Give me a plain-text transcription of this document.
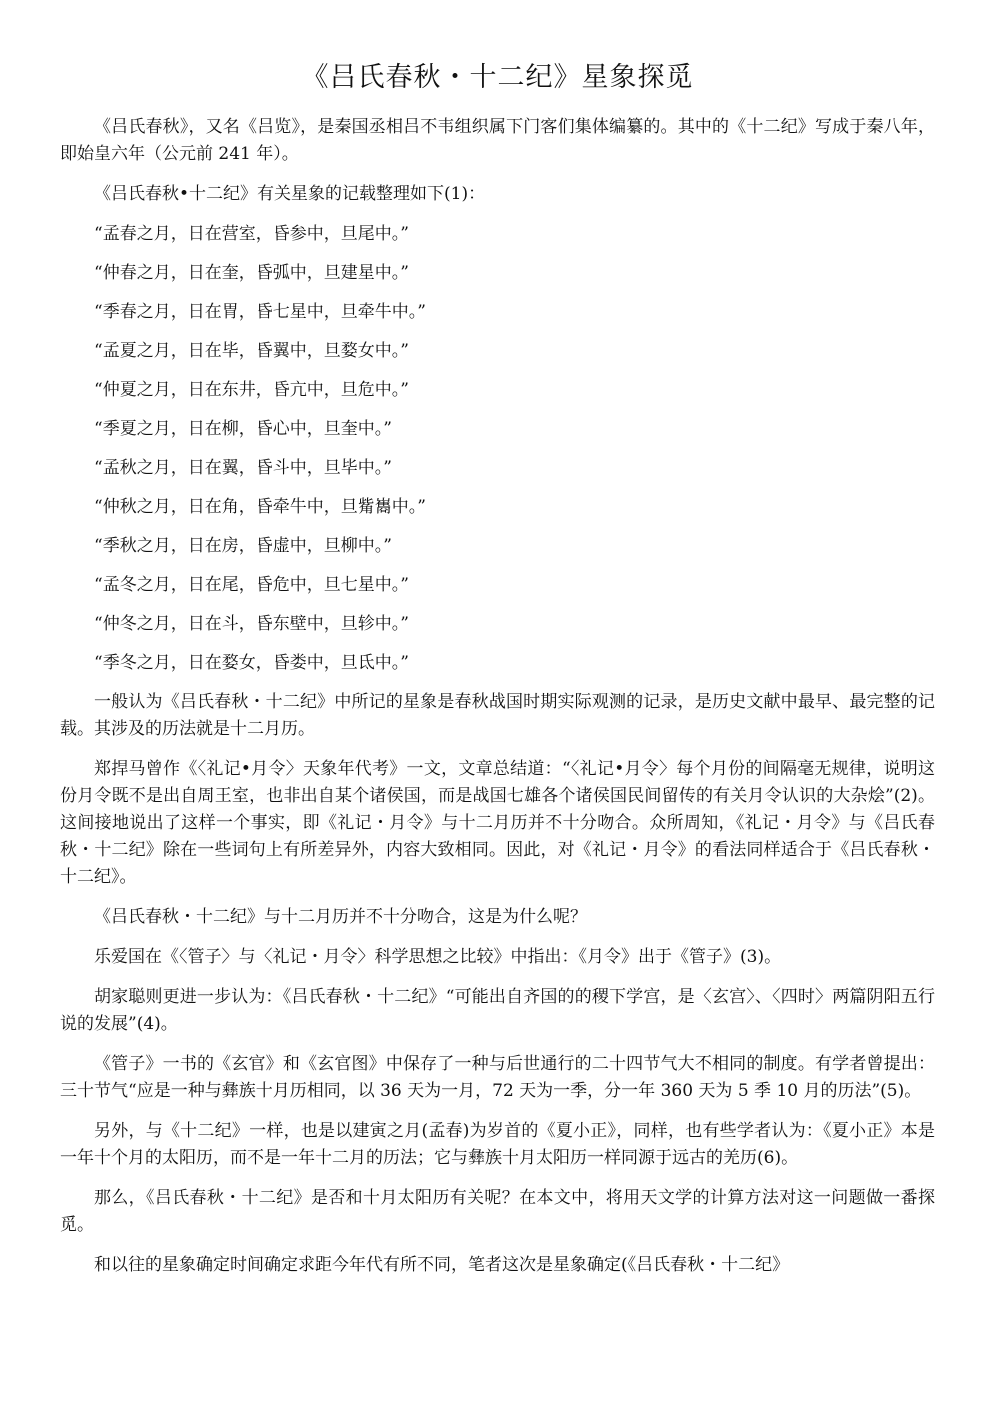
《吕氏春秋・十二纪》星象探觅

《吕氏春秋》，又名《吕览》，是秦国丞相吕不韦组织属下门客们集体编纂的。其中的《十二纪》写成于秦八年，即始皇六年（公元前 241 年）。

《吕氏春秋•十二纪》有关星象的记载整理如下(1)：

“孟春之月，日在营室，昏参中，旦尾中。”

“仲春之月，日在奎，昏弧中，旦建星中。”

“季春之月，日在胃，昏七星中，旦牵牛中。”

“孟夏之月，日在毕，昏翼中，旦婺女中。”

“仲夏之月，日在东井，昏亢中，旦危中。”

“季夏之月，日在柳，昏心中，旦奎中。”

“孟秋之月，日在翼，昏斗中，旦毕中。”

“仲秋之月，日在角，昏牵牛中，旦觜巂中。”

“季秋之月，日在房，昏虚中，旦柳中。”

“孟冬之月，日在尾，昏危中，旦七星中。”

“仲冬之月，日在斗，昏东壁中，旦轸中。”

“季冬之月，日在婺女，昏娄中，旦氐中。”

一般认为《吕氏春秋・十二纪》中所记的星象是春秋战国时期实际观测的记录，是历史文献中最早、最完整的记载。其涉及的历法就是十二月历。

郑捍马曾作《〈礼记•月令〉天象年代考》一文，文章总结道：“〈礼记•月令〉每个月份的间隔毫无规律，说明这份月令既不是出自周王室，也非出自某个诸侯国，而是战国七雄各个诸侯国民间留传的有关月令认识的大杂烩”(2)。 这间接地说出了这样一个事实，即《礼记・月令》与十二月历并不十分吻合。众所周知，《礼记・月令》与《吕氏春秋・十二纪》除在一些词句上有所差异外，内容大致相同。因此，对《礼记・月令》的看法同样适合于《吕氏春秋・十二纪》。

《吕氏春秋・十二纪》与十二月历并不十分吻合，这是为什么呢？

乐爱国在《〈管子〉与〈礼记・月令〉科学思想之比较》中指出：《月令》出于《管子》(3)。

胡家聪则更进一步认为：《吕氏春秋・十二纪》“可能出自齐国的的稷下学宫，是〈玄宫〉、〈四时〉两篇阴阳五行说的发展”(4)。

《管子》一书的《玄官》和《玄官图》中保存了一种与后世通行的二十四节气大不相同的制度。有学者曾提出：三十节气“应是一种与彝族十月历相同，以 36 天为一月，72 天为一季，分一年 360 天为 5 季 10 月的历法”(5)。

另外，与《十二纪》一样，也是以建寅之月(孟春)为岁首的《夏小正》，同样，也有些学者认为：《夏小正》本是一年十个月的太阳历，而不是一年十二月的历法；它与彝族十月太阳历一样同源于远古的羌历(6)。

那么，《吕氏春秋・十二纪》是否和十月太阳历有关呢？在本文中，将用天文学的计算方法对这一问题做一番探觅。

和以往的星象确定时间确定求距今年代有所不同，笔者这次是星象确定(《吕氏春秋・十二纪》
